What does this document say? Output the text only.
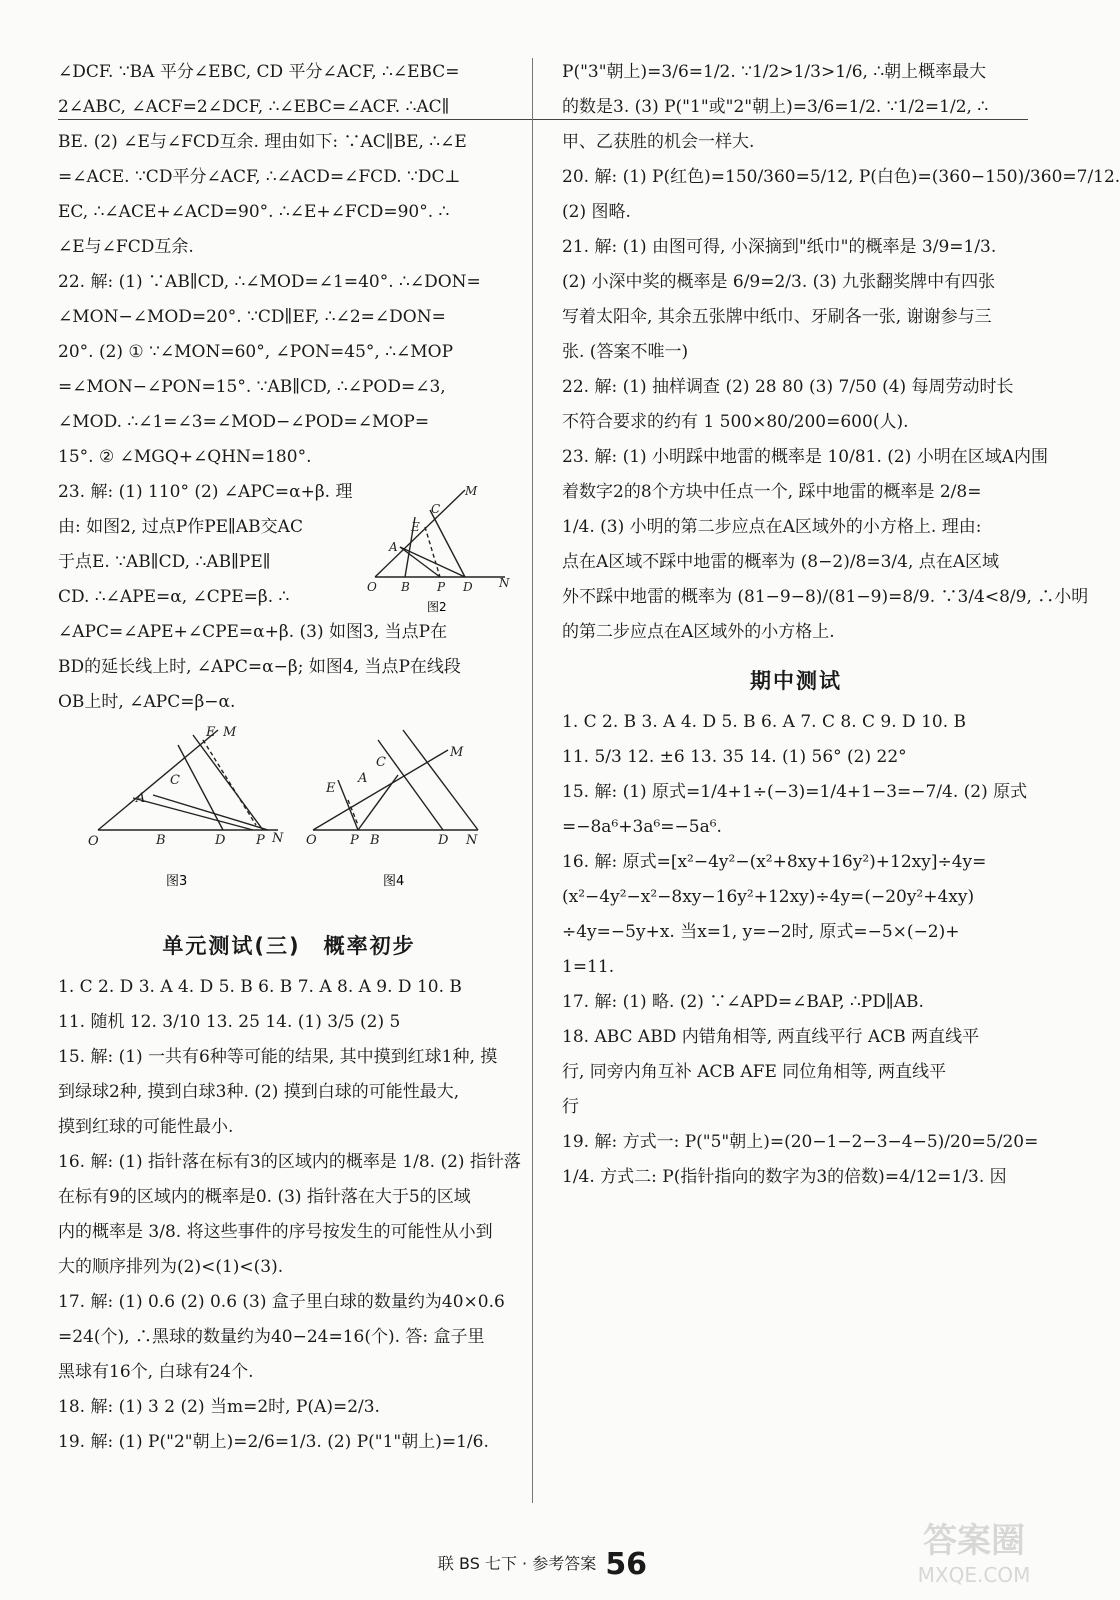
∠DCF. ∵BA 平分∠EBC, CD 平分∠ACF, ∴∠EBC=
2∠ABC, ∠ACF=2∠DCF, ∴∠EBC=∠ACF. ∴AC∥
BE. (2) ∠E与∠FCD互余. 理由如下: ∵AC∥BE, ∴∠E
=∠ACE. ∵CD平分∠ACF, ∴∠ACD=∠FCD. ∵DC⊥
EC, ∴∠ACE+∠ACD=90°. ∴∠E+∠FCD=90°. ∴
∠E与∠FCD互余.
22. 解: (1) ∵AB∥CD, ∴∠MOD=∠1=40°. ∴∠DON=
∠MON−∠MOD=20°. ∵CD∥EF, ∴∠2=∠DON=
20°. (2) ① ∵∠MON=60°, ∠PON=45°, ∴∠MOP
=∠MON−∠PON=15°. ∵AB∥CD, ∴∠POD=∠3,
∠MOD. ∴∠1=∠3=∠MOD−∠POD=∠MOP=
15°. ② ∠MGQ+∠QHN=180°.
23. 解: (1) 110° (2) ∠APC=α+β. 理
由: 如图2, 过点P作PE∥AB交AC
于点E. ∵AB∥CD, ∴AB∥PE∥
CD. ∴∠APE=α, ∠CPE=β. ∴
∠APC=∠APE+∠CPE=α+β. (3) 如图3, 当点P在
BD的延长线上时, ∠APC=α−β; 如图4, 当点P在线段
OB上时, ∠APC=β−α.
O	B	D P N
A
C
E M
O	P B	D N
E
A
C
M
图3	图4
单元测试(三)　概率初步
1. C 2. D 3. A 4. D 5. B 6. B 7. A 8. A 9. D 10. B
11. 随机 12. 3/10 13. 25 14. (1) 3/5 (2) 5
15. 解: (1) 一共有6种等可能的结果, 其中摸到红球1种, 摸
到绿球2种, 摸到白球3种. (2) 摸到白球的可能性最大,
摸到红球的可能性最小.
16. 解: (1) 指针落在标有3的区域内的概率是 1/8. (2) 指针落
在标有9的区域内的概率是0. (3) 指针落在大于5的区域
内的概率是 3/8. 将这些事件的序号按发生的可能性从小到
大的顺序排列为(2)<(1)<(3).
17. 解: (1) 0.6 (2) 0.6 (3) 盒子里白球的数量约为40×0.6
=24(个), ∴黑球的数量约为40−24=16(个). 答: 盒子里
黑球有16个, 白球有24个.
18. 解: (1) 3 2 (2) 当m=2时, P(A)=2/3.
19. 解: (1) P("2"朝上)=2/6=1/3. (2) P("1"朝上)=1/6.
O B P D N
A
E
C
M
图2
P("3"朝上)=3/6=1/2. ∵1/2>1/3>1/6, ∴朝上概率最大
的数是3. (3) P("1"或"2"朝上)=3/6=1/2. ∵1/2=1/2, ∴
甲、乙获胜的机会一样大.
20. 解: (1) P(红色)=150/360=5/12, P(白色)=(360−150)/360=7/12.
(2) 图略.
21. 解: (1) 由图可得, 小深摘到"纸巾"的概率是 3/9=1/3.
(2) 小深中奖的概率是 6/9=2/3. (3) 九张翻奖牌中有四张
写着太阳伞, 其余五张牌中纸巾、牙刷各一张, 谢谢参与三
张. (答案不唯一)
22. 解: (1) 抽样调查 (2) 28 80 (3) 7/50 (4) 每周劳动时长
不符合要求的约有 1 500×80/200=600(人).
23. 解: (1) 小明踩中地雷的概率是 10/81. (2) 小明在区域A内围
着数字2的8个方块中任点一个, 踩中地雷的概率是 2/8=
1/4. (3) 小明的第二步应点在A区域外的小方格上. 理由:
点在A区域不踩中地雷的概率为 (8−2)/8=3/4, 点在A区域
外不踩中地雷的概率为 (81−9−8)/(81−9)=8/9. ∵3/4<8/9, ∴小明
的第二步应点在A区域外的小方格上.
期中测试
1. C 2. B 3. A 4. D 5. B 6. A 7. C 8. C 9. D 10. B
11. 5/3 12. ±6 13. 35 14. (1) 56° (2) 22°
15. 解: (1) 原式=1/4+1÷(−3)=1/4+1−3=−7/4. (2) 原式
=−8a⁶+3a⁶=−5a⁶.
16. 解: 原式=[x²−4y²−(x²+8xy+16y²)+12xy]÷4y=
(x²−4y²−x²−8xy−16y²+12xy)÷4y=(−20y²+4xy)
÷4y=−5y+x. 当x=1, y=−2时, 原式=−5×(−2)+
1=11.
17. 解: (1) 略. (2) ∵∠APD=∠BAP, ∴PD∥AB.
18. ABC ABD 内错角相等, 两直线平行 ACB 两直线平
行, 同旁内角互补 ACB AFE 同位角相等, 两直线平
行
19. 解: 方式一: P("5"朝上)=(20−1−2−3−4−5)/20=5/20=
1/4. 方式二: P(指针指向的数字为3的倍数)=4/12=1/3. 因
联 BS 七下 · 参考答案 56
答案圈
MXQE.COM
